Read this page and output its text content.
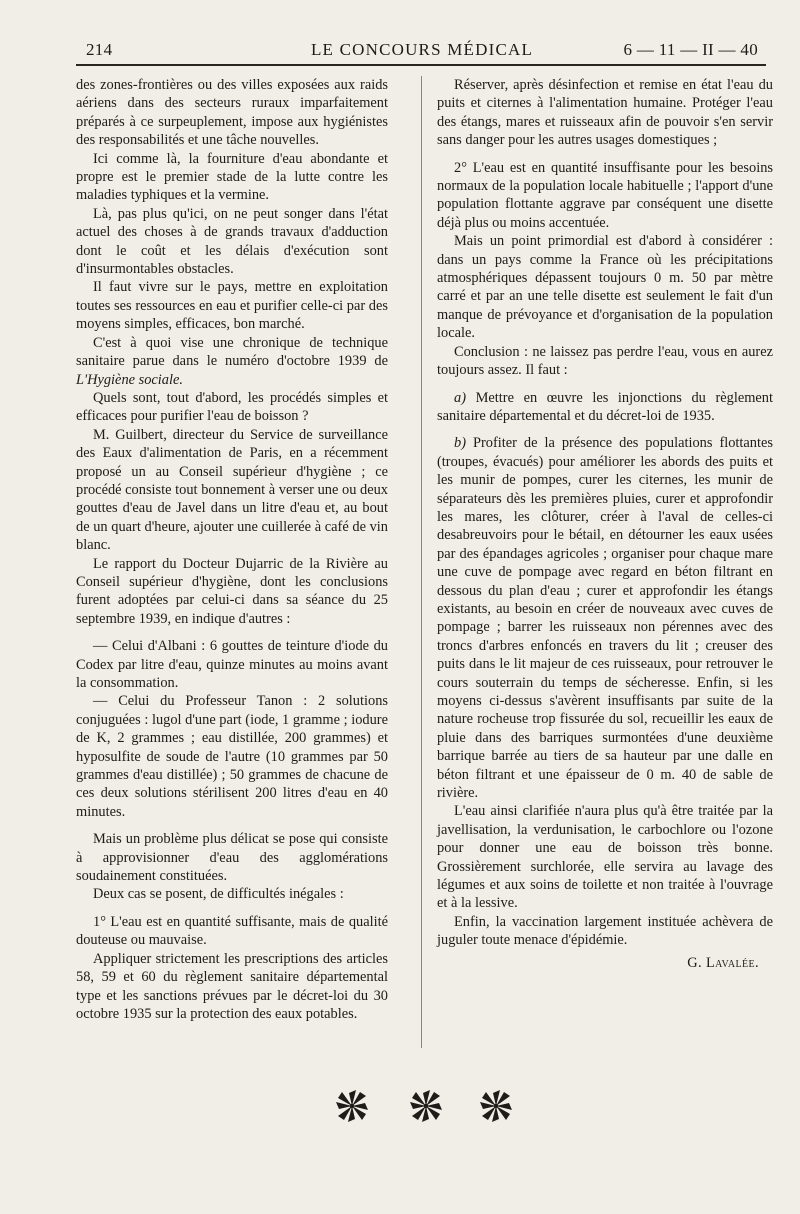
214	LE CONCOURS MÉDICAL	6 — 11 — II — 40

des zones-frontières ou des villes exposées aux raids aériens dans des secteurs ruraux imparfaitement préparés à ce surpeuplement, impose aux hygiénistes des responsabilités et une tâche nouvelles.

Ici comme là, la fourniture d'eau abondante et propre est le premier stade de la lutte contre les maladies typhiques et la vermine.

Là, pas plus qu'ici, on ne peut songer dans l'état actuel des choses à de grands travaux d'adduction dont le coût et les délais d'exécution sont d'insurmontables obstacles.

Il faut vivre sur le pays, mettre en exploitation toutes ses ressources en eau et purifier celle-ci par des moyens simples, efficaces, bon marché.

C'est à quoi vise une chronique de technique sanitaire parue dans le numéro d'octobre 1939 de L'Hygiène sociale.

Quels sont, tout d'abord, les procédés simples et efficaces pour purifier l'eau de boisson ?

M. Guilbert, directeur du Service de surveillance des Eaux d'alimentation de Paris, en a récemment proposé un au Conseil supérieur d'hygiène ; ce procédé consiste tout bonnement à verser une ou deux gouttes d'eau de Javel dans un litre d'eau et, au bout de un quart d'heure, ajouter une cuillerée à café de vin blanc.

Le rapport du Docteur Dujarric de la Rivière au Conseil supérieur d'hygiène, dont les conclusions furent adoptées par celui-ci dans sa séance du 25 septembre 1939, en indique d'autres :

— Celui d'Albani : 6 gouttes de teinture d'iode du Codex par litre d'eau, quinze minutes au moins avant la consommation.

— Celui du Professeur Tanon : 2 solutions conjuguées : lugol d'une part (iode, 1 gramme ; iodure de K, 2 grammes ; eau distillée, 200 grammes) et hyposulfite de soude de l'autre (10 grammes par 50 grammes d'eau distillée) ; 50 grammes de chacune de ces deux solutions stérilisent 200 litres d'eau en 40 minutes.

Mais un problème plus délicat se pose qui consiste à approvisionner d'eau des agglomérations soudainement constituées.

Deux cas se posent, de difficultés inégales :

1° L'eau est en quantité suffisante, mais de qualité douteuse ou mauvaise.

Appliquer strictement les prescriptions des articles 58, 59 et 60 du règlement sanitaire départemental type et les sanctions prévues par le décret-loi du 30 octobre 1935 sur la protection des eaux potables.

Réserver, après désinfection et remise en état l'eau du puits et citernes à l'alimentation humaine. Protéger l'eau des étangs, mares et ruisseaux afin de pouvoir s'en servir sans danger pour les autres usages domestiques ;

2° L'eau est en quantité insuffisante pour les besoins normaux de la population locale habituelle ; l'apport d'une population flottante aggrave par conséquent une disette déjà plus ou moins accentuée.

Mais un point primordial est d'abord à considérer : dans un pays comme la France où les précipitations atmosphériques dépassent toujours 0 m. 50 par mètre carré et par an une telle disette est seulement le fait d'un manque de prévoyance et d'organisation de la population locale.

Conclusion : ne laissez pas perdre l'eau, vous en aurez toujours assez. Il faut :

a) Mettre en œuvre les injonctions du règlement sanitaire départemental et du décret-loi de 1935.

b) Profiter de la présence des populations flottantes (troupes, évacués) pour améliorer les abords des puits et les munir de pompes, curer les citernes, les munir de séparateurs dès les premières pluies, curer et approfondir les mares, les clôturer, créer à l'aval de celles-ci desabreuvoirs pour le bétail, en détourner les eaux usées par des épandages agricoles ; organiser pour chaque mare une cuve de pompage avec regard en béton filtrant en dessous du plan d'eau ; curer et approfondir les étangs existants, au besoin en créer de nouveaux avec cuves de pompage ; barrer les ruisseaux non pérennes avec des troncs d'arbres enfoncés en travers du lit ; creuser des puits dans le lit majeur de ces ruisseaux, pour retrouver le cours souterrain du temps de sécheresse. Enfin, si les moyens ci-dessus s'avèrent insuffisants par suite de la nature rocheuse trop fissurée du sol, recueillir les eaux de pluie dans des barriques surmontées d'une deuxième barrique barrée au tiers de sa hauteur par une dalle en béton filtrant et une épaisseur de 0 m. 40 de sable de rivière.

L'eau ainsi clarifiée n'aura plus qu'à être traitée par la javellisation, la verdunisation, le carbochlore ou l'ozone pour donner une eau de boisson très bonne. Grossièrement surchlorée, elle servira au lavage des légumes et aux soins de toilette et non traitée à l'ouvrage et à la lessive.

Enfin, la vaccination largement instituée achèvera de juguler toute menace d'épidémie.

G. Lavalée.
